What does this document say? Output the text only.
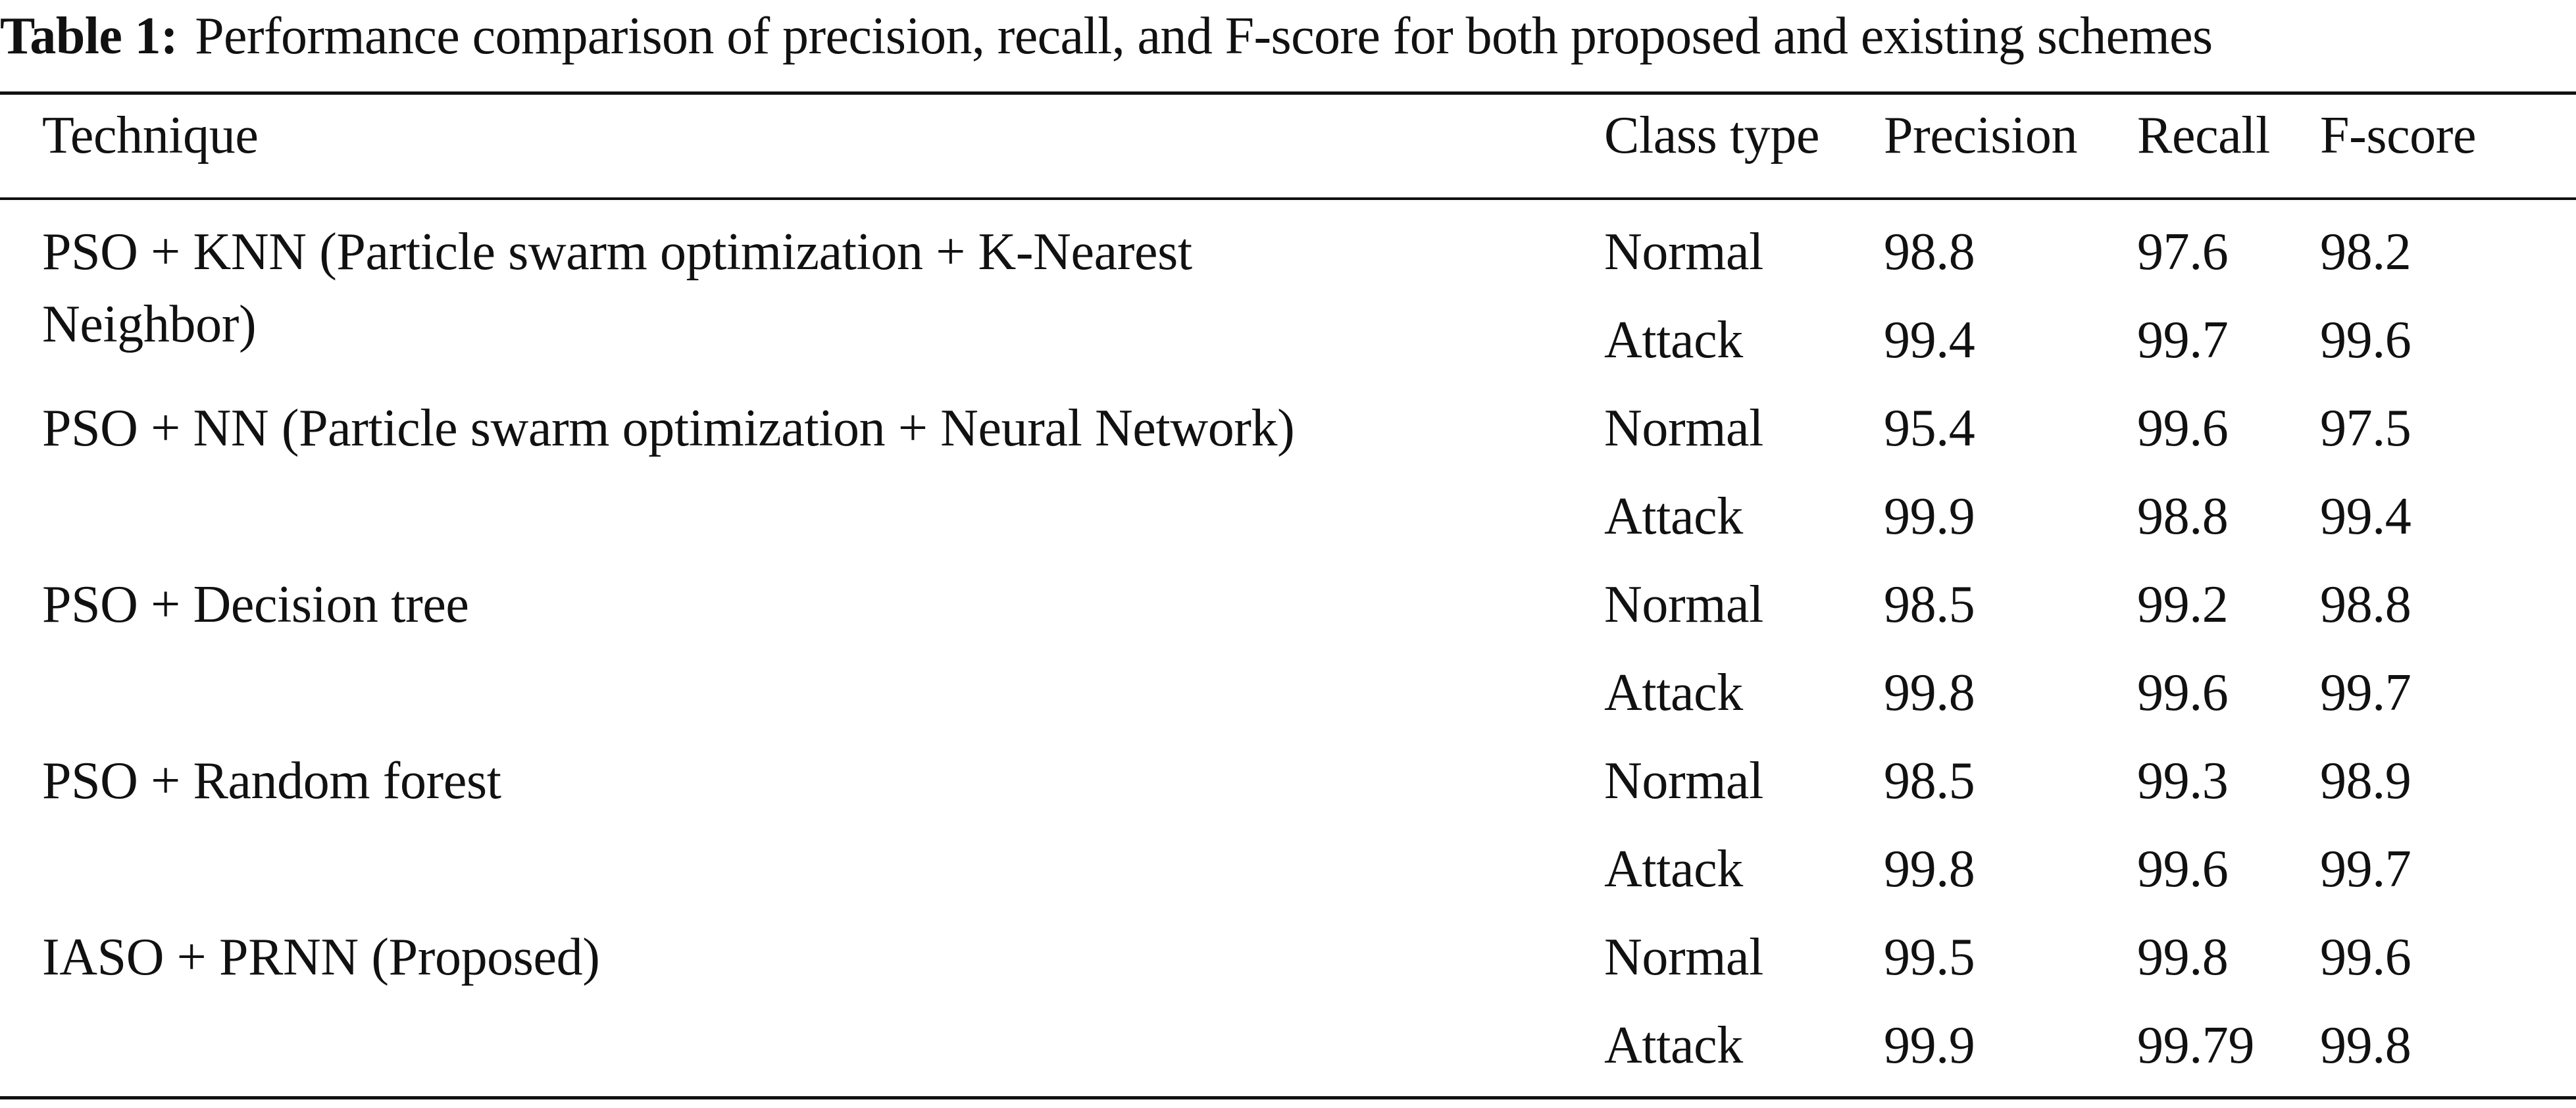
Table 1: Performance comparison of precision, recall, and F-score for both proposed and existing schemes
Technique	Class type	Precision	Recall	F-score

PSO + KNN (Particle swarm optimization + K-Nearest Neighbor)	Normal	98.8	97.6	98.2
	Attack	99.4	99.7	99.6

PSO + NN (Particle swarm optimization + Neural Network)	Normal	95.4	99.6	97.5
	Attack	99.9	98.8	99.4

PSO + Decision tree	Normal	98.5	99.2	98.8
	Attack	99.8	99.6	99.7

PSO + Random forest	Normal	98.5	99.3	98.9
	Attack	99.8	99.6	99.7

IASO + PRNN (Proposed)	Normal	99.5	99.8	99.6
	Attack	99.9	99.79	99.8
